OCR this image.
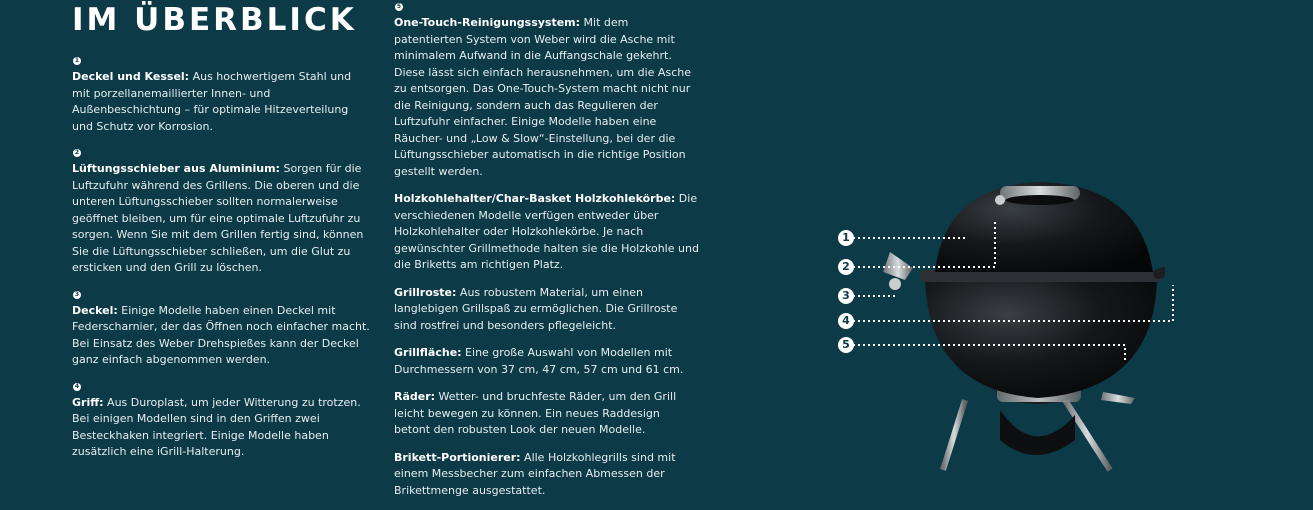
IM ÜBERBLICK
1
Deckel und Kessel: Aus hochwertigem Stahl und mit porzellanemaillierter Innen- und Außenbeschichtung – für optimale Hitzeverteilung und Schutz vor Korrosion.
2
Lüftungsschieber aus Aluminium: Sorgen für die Luftzufuhr während des Grillens. Die oberen und die unteren Lüftungsschieber sollten normalerweise geöffnet bleiben, um für eine optimale Luftzufuhr zu sorgen. Wenn Sie mit dem Grillen fertig sind, können Sie die Lüftungsschieber schließen, um die Glut zu ersticken und den Grill zu löschen.
3
Deckel: Einige Modelle haben einen Deckel mit Federscharnier, der das Öffnen noch einfacher macht. Bei Einsatz des Weber Drehspießes kann der Deckel ganz einfach abgenommen werden.
4
Griff: Aus Duroplast, um jeder Witterung zu trotzen. Bei einigen Modellen sind in den Griffen zwei Besteckhaken integriert. Einige Modelle haben zusätzlich eine iGrill-Halterung.
5
One-Touch-Reinigungssystem: Mit dem patentierten System von Weber wird die Asche mit minimalem Aufwand in die Auffangschale gekehrt. Diese lässt sich einfach herausnehmen, um die Asche zu entsorgen. Das One-Touch-System macht nicht nur die Reinigung, sondern auch das Regulieren der Luftzufuhr einfacher. Einige Modelle haben eine Räucher- und „Low & Slow“-Einstellung, bei der die Lüftungsschieber automatisch in die richtige Position gestellt werden.
Holzkohlehalter/Char-Basket Holzkohlekörbe: Die verschiedenen Modelle verfügen entweder über Holzkohlehalter oder Holzkohlekörbe. Je nach gewünschter Grillmethode halten sie die Holzkohle und die Briketts am richtigen Platz.
Grillroste: Aus robustem Material, um einen langlebigen Grillspaß zu ermöglichen. Die Grillroste sind rostfrei und besonders pflegeleicht.
Grillfläche: Eine große Auswahl von Modellen mit Durchmessern von 37 cm, 47 cm, 57 cm und 61 cm.
Räder: Wetter- und bruchfeste Räder, um den Grill leicht bewegen zu können. Ein neues Raddesign betont den robusten Look der neuen Modelle.
Brikett-Portionierer: Alle Holzkohlegrills sind mit einem Messbecher zum einfachen Abmessen der Brikettmenge ausgestattet.
1
2
3
4
5
